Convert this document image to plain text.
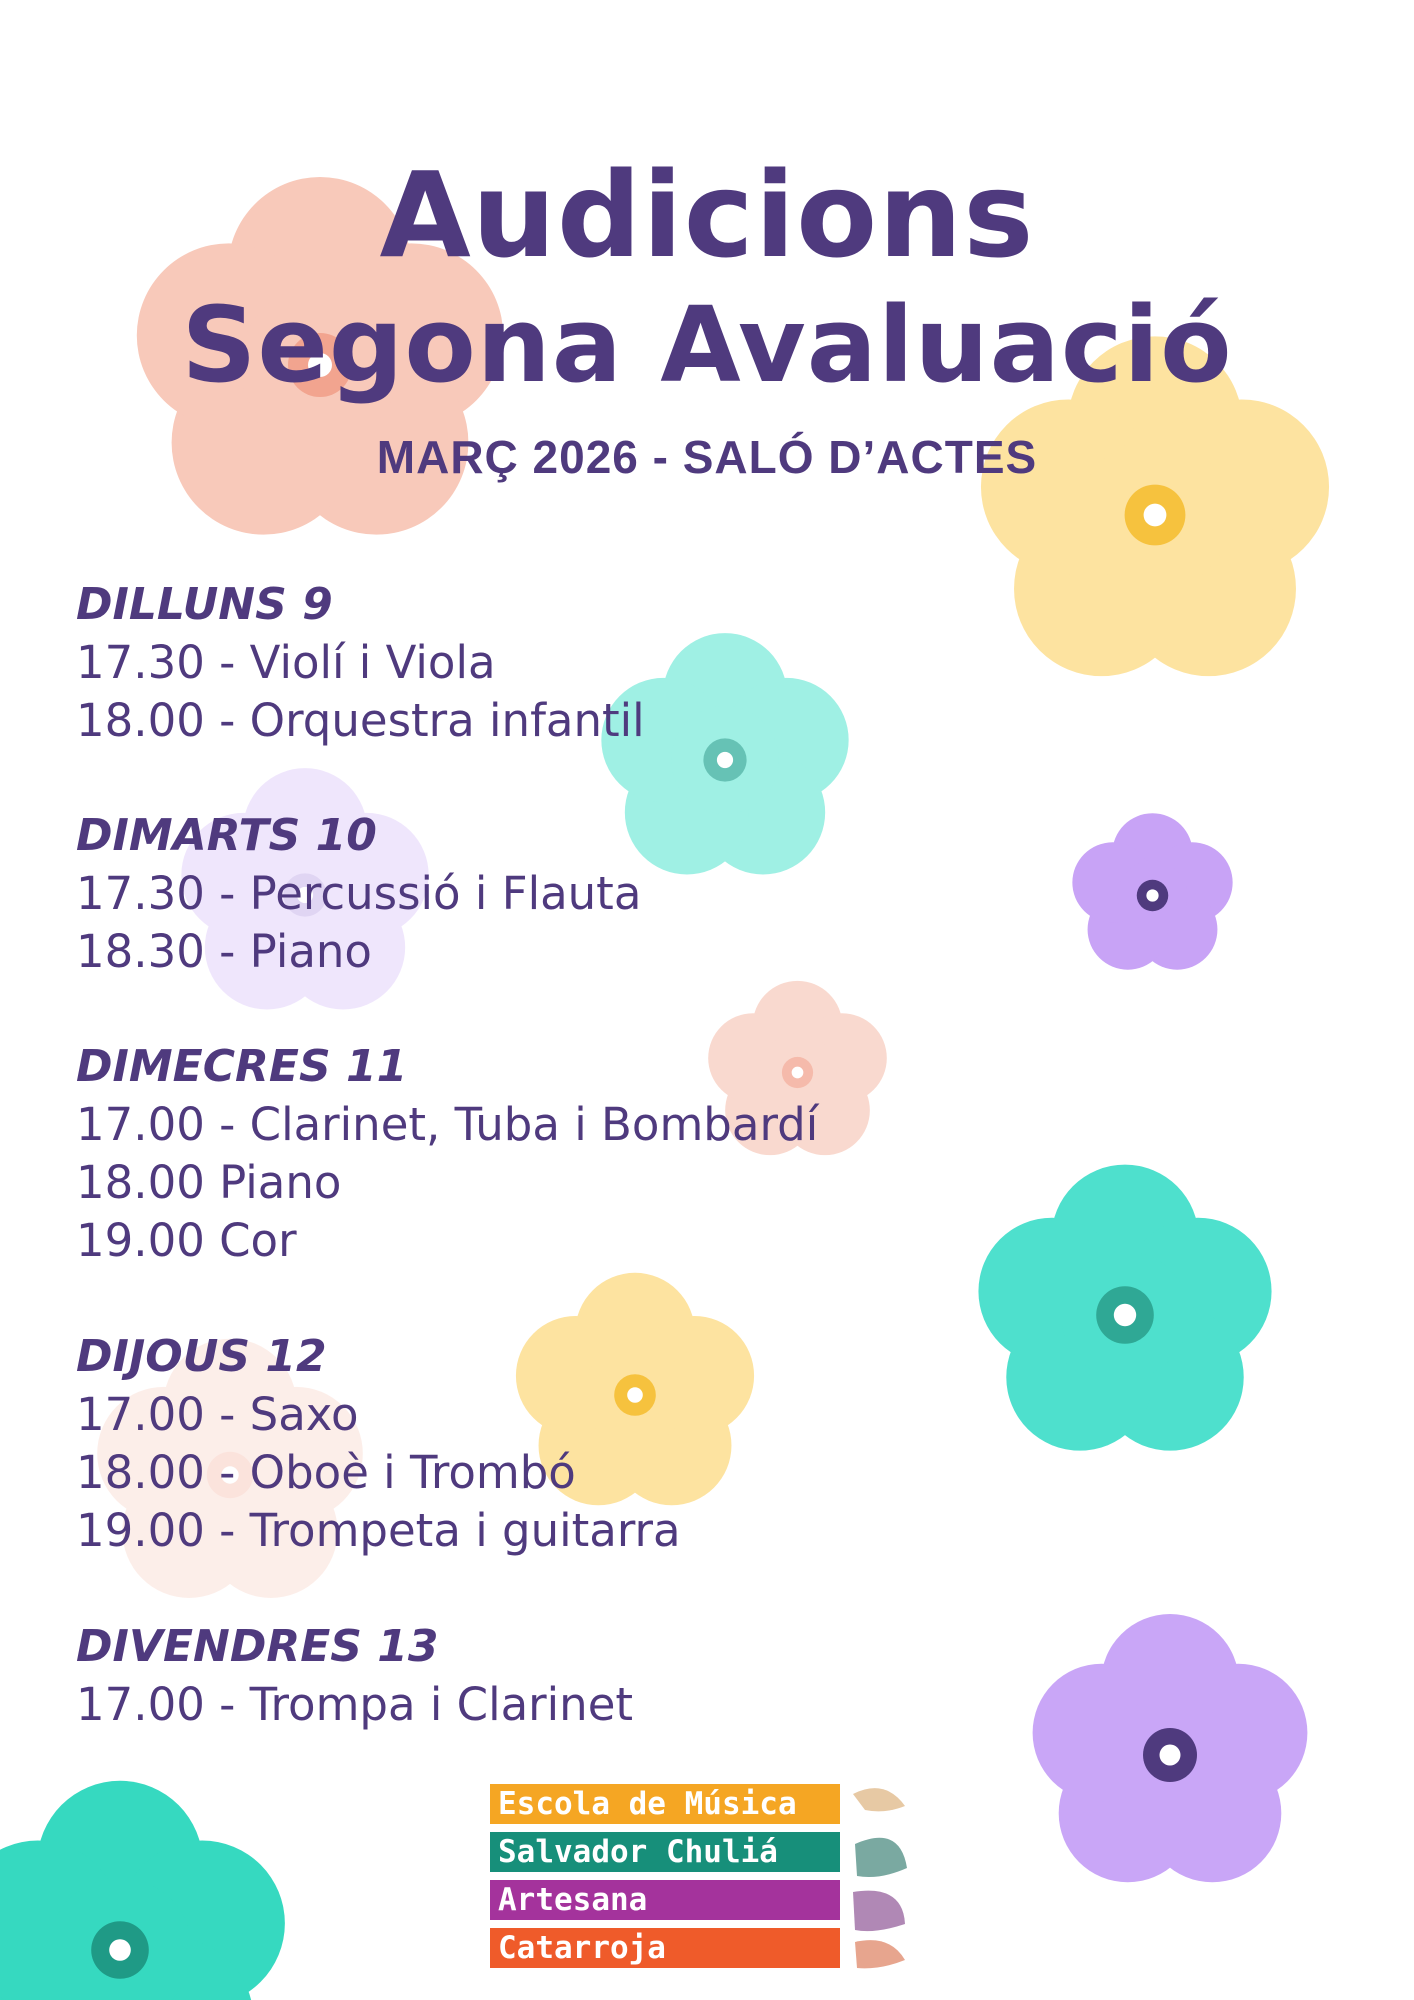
Audicions
Segona Avaluació
MARÇ 2026 - SALÓ D’ACTES
DILLUNS 9
17.30 - Violí i Viola
18.00 - Orquestra infantil
DIMARTS 10
17.30 - Percussió i Flauta
18.30 - Piano
DIMECRES 11
17.00 - Clarinet, Tuba i Bombardí
18.00 Piano
19.00 Cor
DIJOUS 12
17.00 - Saxo
18.00 - Oboè i Trombó
19.00 - Trompeta i guitarra
DIVENDRES 13
17.00 - Trompa i Clarinet
Escola de Música
Salvador Chuliá
Artesana
Catarroja
